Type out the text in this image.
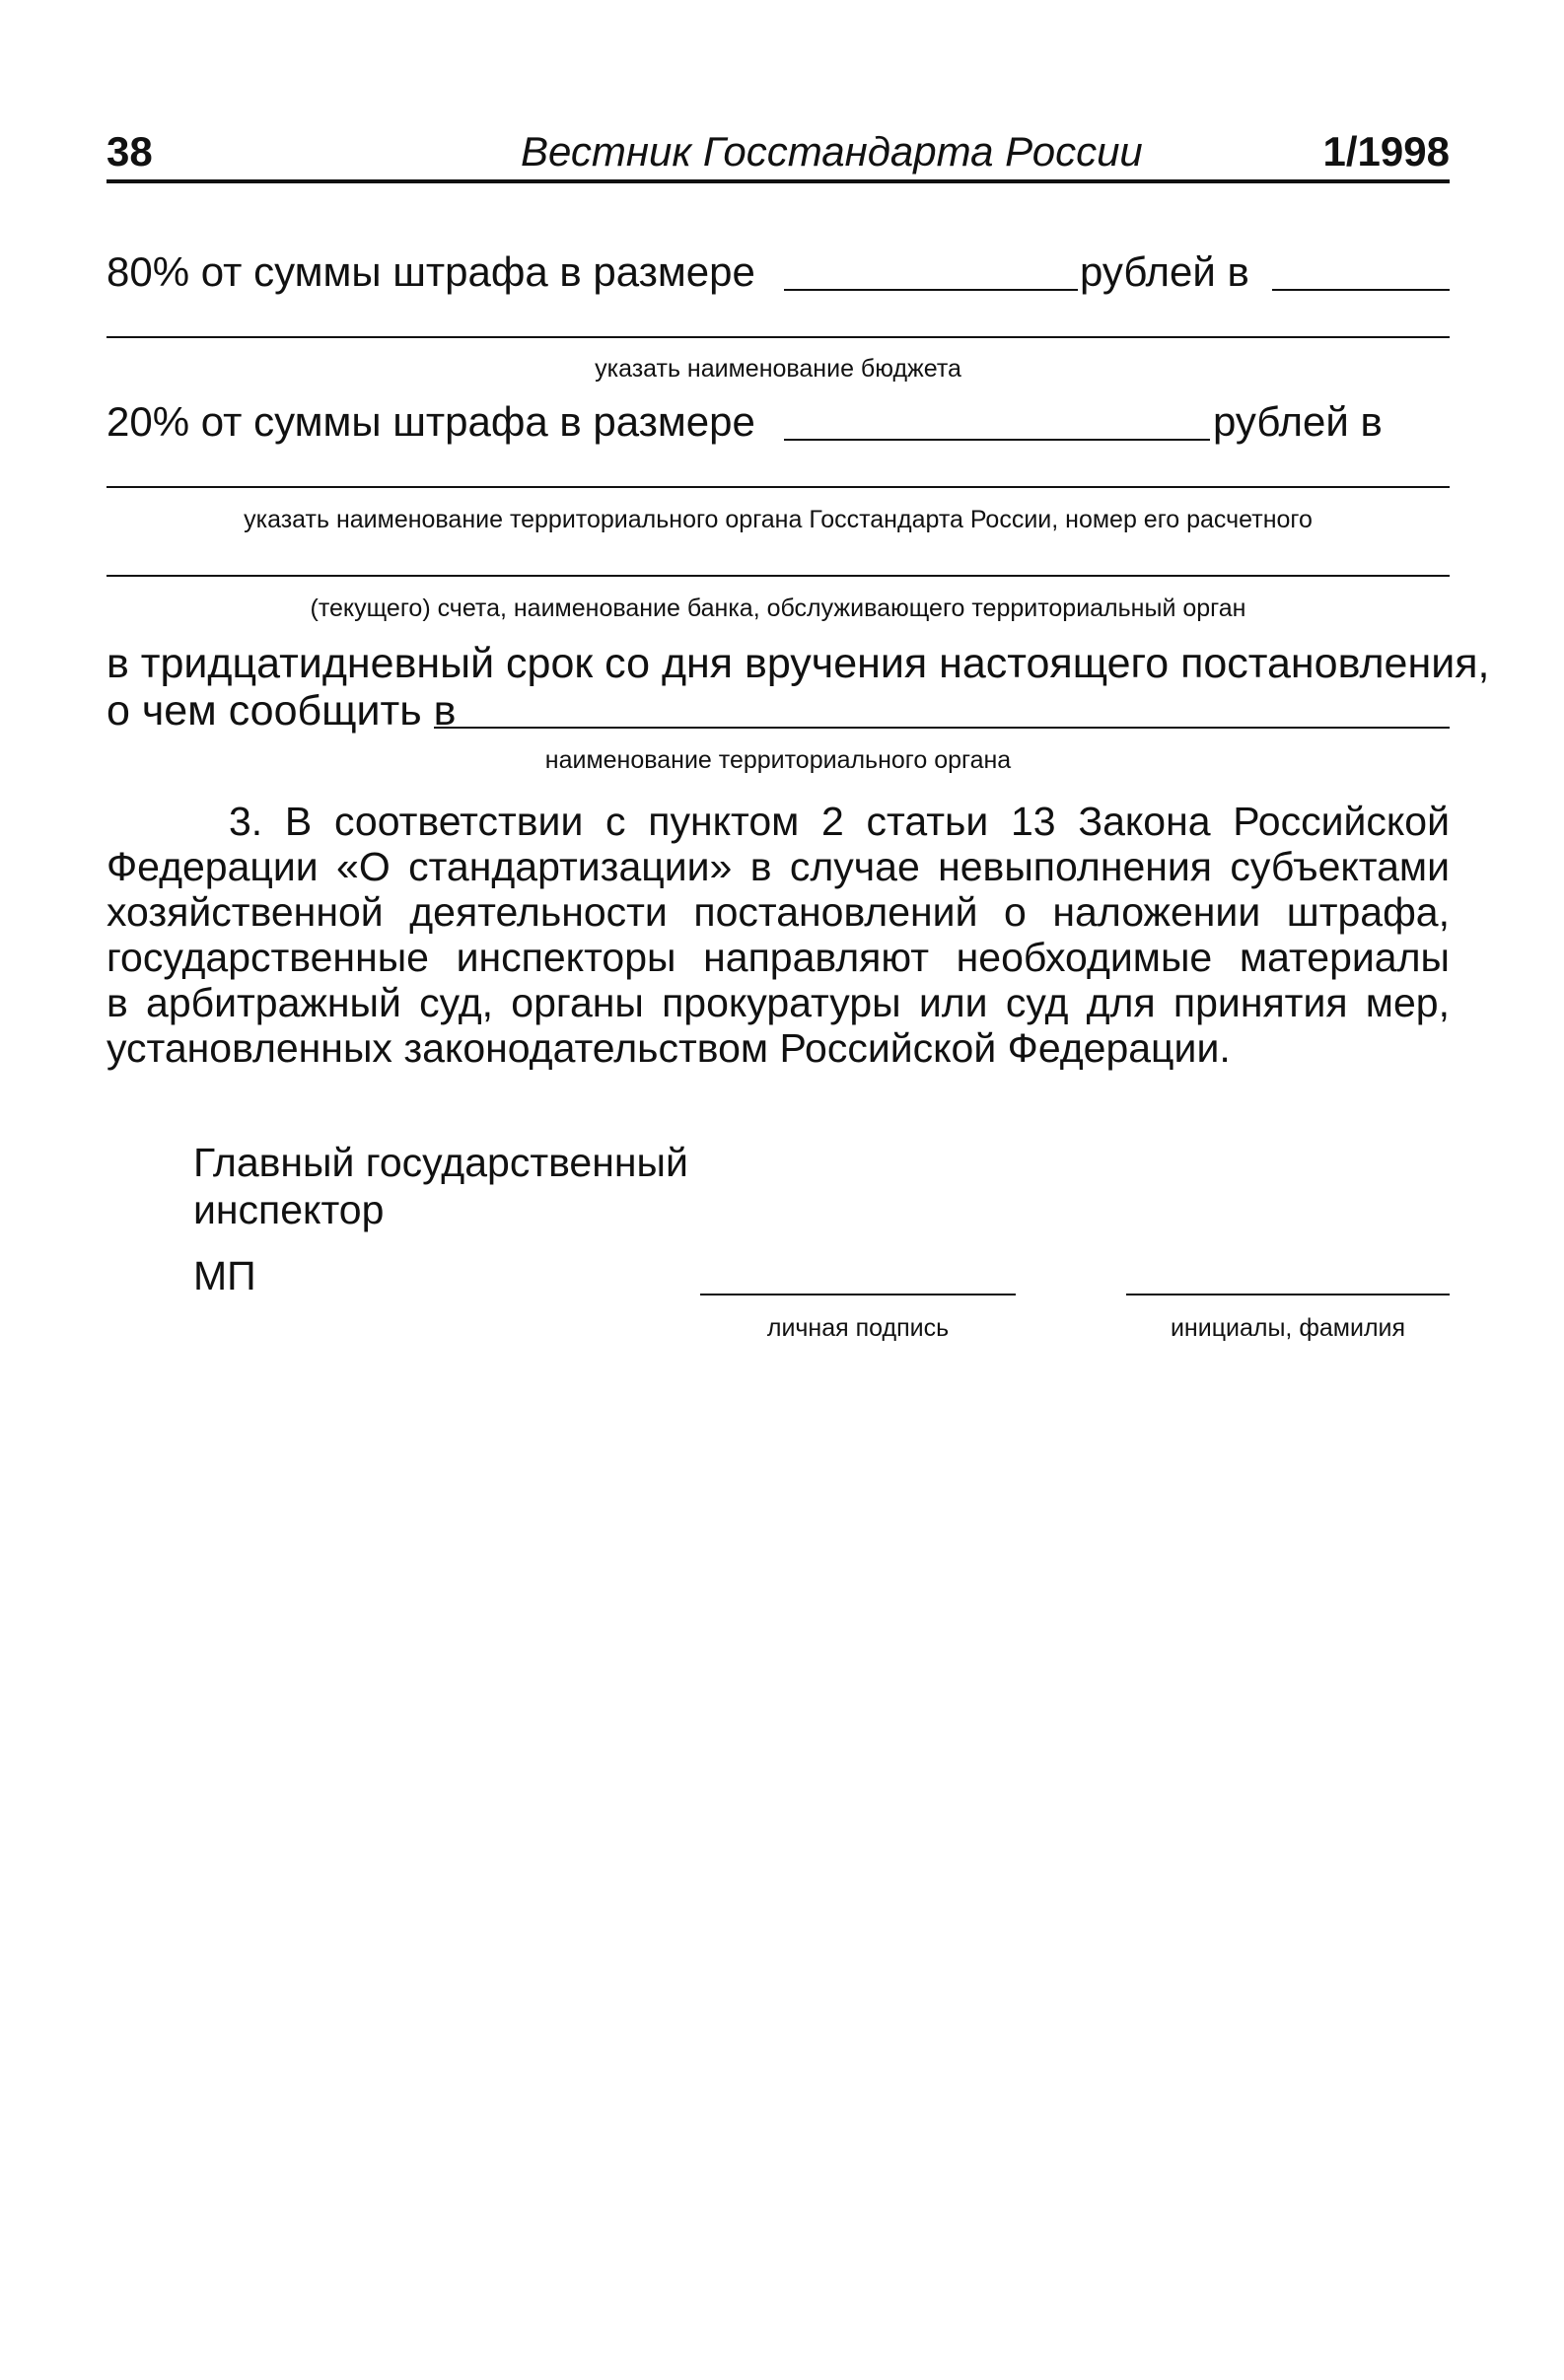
38	Вестник Госстандарта России	1/1998
80% от суммы штрафа в размере	рублей в
указать наименование бюджета
20% от суммы штрафа в размере	рублей в
указать наименование территориального органа Госстандарта России, номер его расчетного
(текущего) счета, наименование банка, обслуживающего территориальный орган
в тридцатидневный срок со дня вручения настоящего постановления,
о чем сообщить в
наименование территориального органа
3. В соответствии с пунктом 2 статьи 13 Закона Российской
Федерации «О стандартизации» в случае невыполнения субъектами
хозяйственной деятельности постановлений о наложении штрафа,
государственные инспекторы направляют необходимые материалы
в арбитражный суд, органы прокуратуры или суд для принятия мер,
установленных законодательством Российской Федерации.
Главный государственный
инспектор
МП
личная подпись	инициалы, фамилия
